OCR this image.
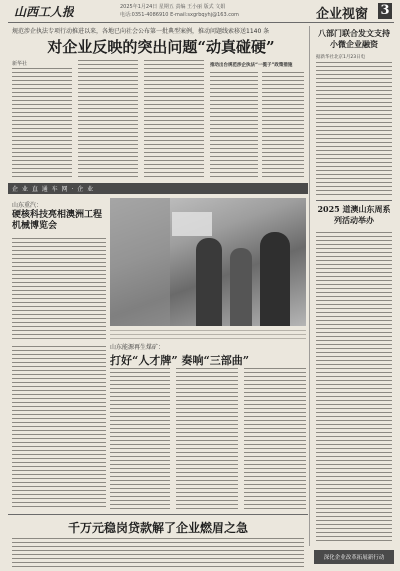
山西工人报	2025年1月24日 星期五 责编 王小丽 版式 文娟
电话:0351-4086910 E-mail:sxgrbqyhj@163.com	企业视窗 3
规范涉企执法专项行动推进以来，各地已向社会公布第一批典型案例，推动问题线索移送1140 条
对企业反映的突出问题“动真碰硬”
新华社	推动出台规范涉企执法“一揽子”政策措施
八部门联合发文支持小微企业融资
据新华社北京1月23日电
2025 道澳山东周系列活动举办
企 业 直 通 车 网 · 企 业
山东重汽：
硬核科技亮相澳洲工程机械博览会
山东能源再生煤矿：
打好“人才牌” 奏响“三部曲”
千万元稳岗贷款解了企业燃眉之急
深化企业改革拓展新行动
